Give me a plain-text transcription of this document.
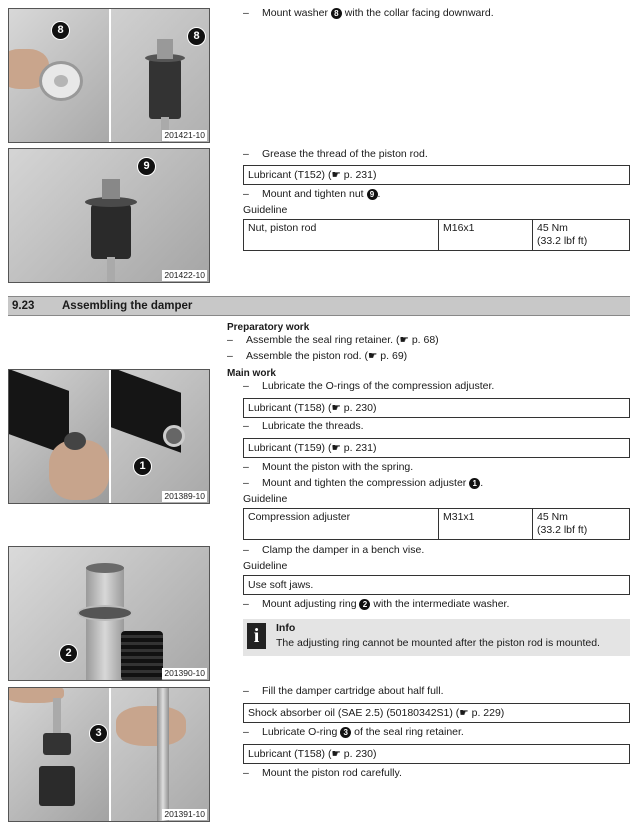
8	8
201421-10
9
201422-10
– Mount washer 8 with the collar facing downward.
– Grease the thread of the piston rod.
Lubricant (T152) (☛ p. 231)
– Mount and tighten nut 9 .
Guideline
Nut, piston rod	M16x1	45 Nm
(33.2 lbf ft)
9.23 Assembling the damper
Preparatory work
– Assemble the seal ring retainer. (☛ p. 68)
– Assemble the piston rod. (☛ p. 69)
Main work
1
201389-10
– Lubricate the O-rings of the compression adjuster.
Lubricant (T158) (☛ p. 230)
– Lubricate the threads.
Lubricant (T159) (☛ p. 231)
– Mount the piston with the spring.
– Mount and tighten the compression adjuster 1 .
Guideline
Compression adjuster	M31x1	45 Nm
(33.2 lbf ft)
2
201390-10
– Clamp the damper in a bench vise.
Guideline
Use soft jaws.
– Mount adjusting ring 2 with the intermediate washer.
i	Info
The adjusting ring cannot be mounted after the piston rod is mounted.
3
201391-10
– Fill the damper cartridge about half full.
Shock absorber oil (SAE 2.5) (50180342S1) (☛ p. 229)
– Lubricate O-ring 3 of the seal ring retainer.
Lubricant (T158) (☛ p. 230)
– Mount the piston rod carefully.
